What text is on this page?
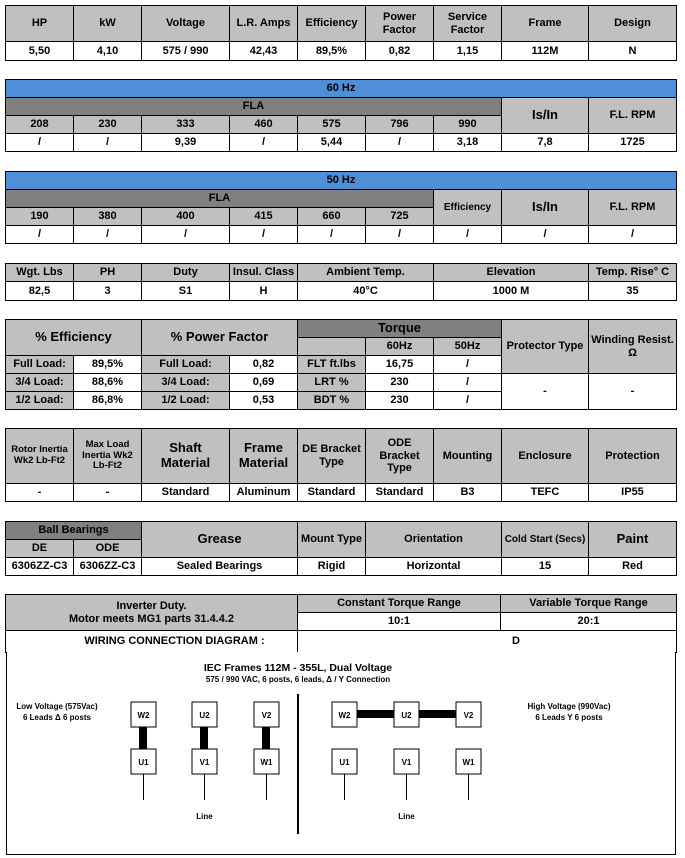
HP	kW	Voltage	L.R. Amps	Efficiency	Power Factor	Service Factor	Frame	Design
5,50	4,10	575 / 990	42,43	89,5%	0,82	1,15	112M	N
60 Hz								
FLA							Is/In	F.L. RPM
208	230	333	460	575	796	990		
/	/	9,39	/	5,44	/	3,18	7,8	1725
50 Hz								
FLA						Efficiency	Is/In	F.L. RPM
190	380	400	415	660	725			
/	/	/	/	/	/	/	/	/
Wgt. Lbs	PH	Duty	Insul. Class	Ambient Temp.	Elevation	Temp. Rise° C
82,5	3	S1	H	40°C	1000 M	35
% Efficiency		% Power Factor		Torque			Protector Type	Winding Resist. Ω
					60Hz	50Hz		
Full Load:	89,5%	Full Load:	0,82	FLT ft.lbs	16,75	/		
3/4 Load:	88,6%	3/4 Load:	0,69	LRT %	230	/	-	-
1/2 Load:	86,8%	1/2 Load:	0,53	BDT %	230	/		
Rotor Inertia Wk2 Lb-Ft2	Max Load Inertia Wk2 Lb-Ft2	Shaft Material	Frame Material	DE Bracket Type	ODE Bracket Type	Mounting	Enclosure	Protection
-	-	Standard	Aluminum	Standard	Standard	B3	TEFC	IP55
Ball Bearings		Grease	Mount Type	Orientation	Cold Start (Secs)	Paint
DE	ODE					
6306ZZ-C3	6306ZZ-C3	Sealed Bearings	Rigid	Horizontal	15	Red
Inverter Duty.
Motor meets MG1 parts 31.4.4.2	Constant Torque Range	Variable Torque Range
	10:1	20:1
WIRING CONNECTION DIAGRAM :	D	
IEC Frames 112M - 355L, Dual Voltage
575 / 990 VAC, 6 posts, 6 leads, Δ / Y Connection
Low Voltage (575Vac)
6 Leads Δ 6 posts
High Voltage (990Vac)
6 Leads Y 6 posts
W2	U2	V2
U1	V1	W1
Line
W2	U2	V2
U1	V1	W1
Line
